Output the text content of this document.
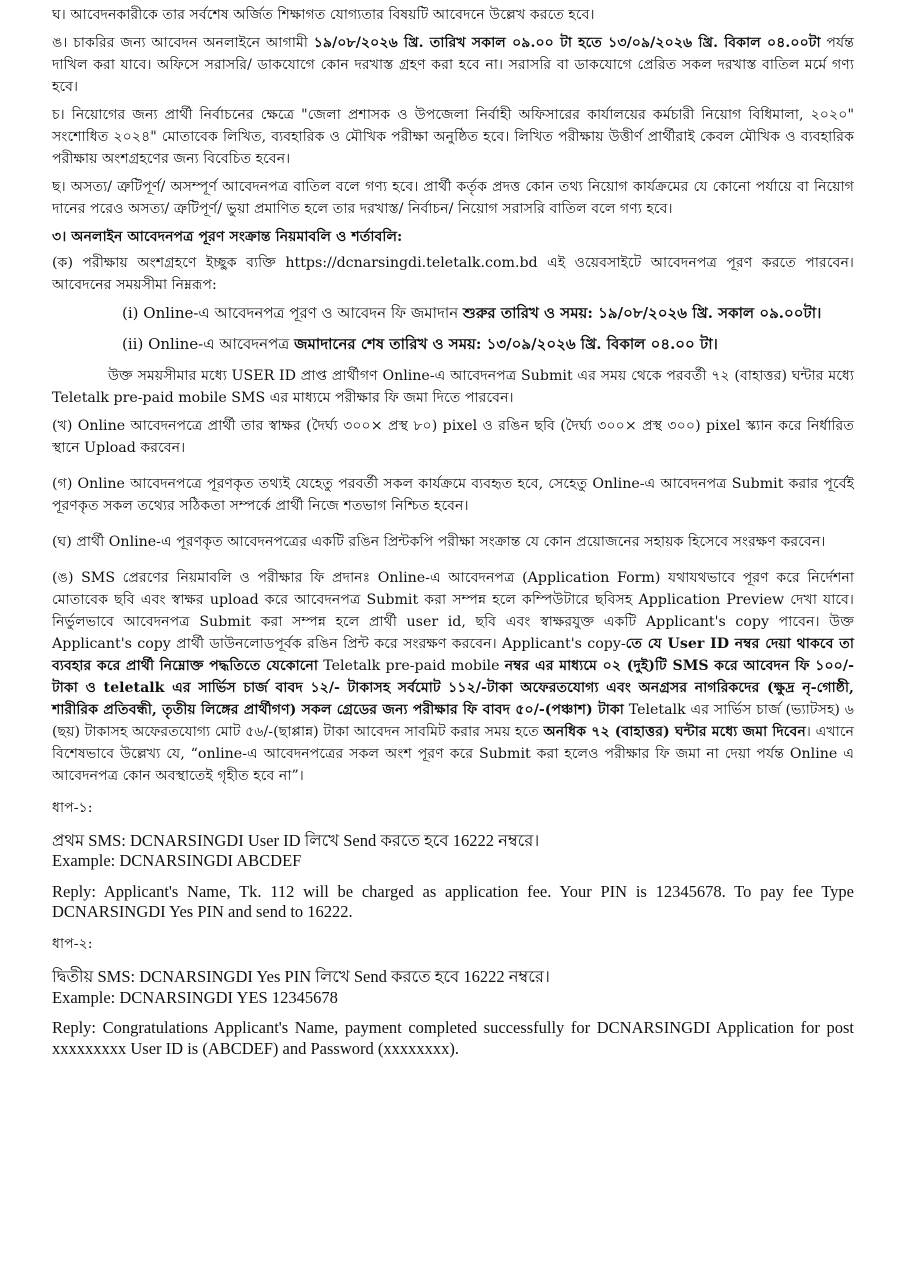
ঘ। আবেদনকারীকে তার সর্বশেষ অর্জিত শিক্ষাগত যোগ্যতার বিষয়টি আবেদনে উল্লেখ করতে হবে।

ঙ। চাকরির জন্য আবেদন অনলাইনে আগামী ১৯/০৮/২০২৬ খ্রি. তারিখ সকাল ০৯.০০ টা হতে ১৩/০৯/২০২৬ খ্রি. বিকাল ০৪.০০টা পর্যন্ত দাখিল করা যাবে। অফিসে সরাসরি/ ডাকযোগে কোন দরখাস্ত গ্রহণ করা হবে না। সরাসরি বা ডাকযোগে প্রেরিত সকল দরখাস্ত বাতিল মর্মে গণ্য হবে।

চ। নিয়োগের জন্য প্রার্থী নির্বাচনের ক্ষেত্রে "জেলা প্রশাসক ও উপজেলা নির্বাহী অফিসারের কার্যালয়ের কর্মচারী নিয়োগ বিধিমালা, ২০২০" সংশোধিত ২০২৪" মোতাবেক লিখিত, ব্যবহারিক ও মৌখিক পরীক্ষা অনুষ্ঠিত হবে। লিখিত পরীক্ষায় উত্তীর্ণ প্রার্থীরাই কেবল মৌখিক ও ব্যবহারিক পরীক্ষায় অংশগ্রহণের জন্য বিবেচিত হবেন।

ছ। অসত্য/ ত্রুটিপূর্ণ/ অসম্পূর্ণ আবেদনপত্র বাতিল বলে গণ্য হবে। প্রার্থী কর্তৃক প্রদত্ত কোন তথ্য নিয়োগ কার্যক্রমের যে কোনো পর্যায়ে বা নিয়োগ দানের পরেও অসত্য/ ত্রুটিপূর্ণ/ ভুয়া প্রমাণিত হলে তার দরখাস্ত/ নির্বাচন/ নিয়োগ সরাসরি বাতিল বলে গণ্য হবে।

৩। অনলাইন আবেদনপত্র পূরণ সংক্রান্ত নিয়মাবলি ও শর্তাবলি:

(ক) পরীক্ষায় অংশগ্রহণে ইচ্ছুক ব্যক্তি https://dcnarsingdi.teletalk.com.bd এই ওয়েবসাইটে আবেদনপত্র পূরণ করতে পারবেন। আবেদনের সময়সীমা নিম্নরূপ:

(i) Online-এ আবেদনপত্র পূরণ ও আবেদন ফি জমাদান শুরুর তারিখ ও সময়: ১৯/০৮/২০২৬ খ্রি. সকাল ০৯.০০টা।

(ii) Online-এ আবেদনপত্র জমাদানের শেষ তারিখ ও সময়: ১৩/০৯/২০২৬ খ্রি. বিকাল ০৪.০০ টা।

উক্ত সময়সীমার মধ্যে USER ID প্রাপ্ত প্রার্থীগণ Online-এ আবেদনপত্র Submit এর সময় থেকে পরবর্তী ৭২ (বাহাত্তর) ঘন্টার মধ্যে Teletalk pre-paid mobile SMS এর মাধ্যমে পরীক্ষার ফি জমা দিতে পারবেন।

(খ) Online আবেদনপত্রে প্রার্থী তার স্বাক্ষর (দৈর্ঘ্য ৩০০× প্রস্থ ৮০) pixel ও রঙিন ছবি (দৈর্ঘ্য ৩০০× প্রস্থ ৩০০) pixel স্ক্যান করে নির্ধারিত স্থানে Upload করবেন।

(গ) Online আবেদনপত্রে পূরণকৃত তথ্যই যেহেতু পরবর্তী সকল কার্যক্রমে ব্যবহৃত হবে, সেহেতু Online-এ আবেদনপত্র Submit করার পূর্বেই পূরণকৃত সকল তথ্যের সঠিকতা সম্পর্কে প্রার্থী নিজে শতভাগ নিশ্চিত হবেন।

(ঘ) প্রার্থী Online-এ পূরণকৃত আবেদনপত্রের একটি রঙিন প্রিন্টকপি পরীক্ষা সংক্রান্ত যে কোন প্রয়োজনের সহায়ক হিসেবে সংরক্ষণ করবেন।

(ঙ) SMS প্রেরণের নিয়মাবলি ও পরীক্ষার ফি প্রদানঃ Online-এ আবেদনপত্র (Application Form) যথাযথভাবে পূরণ করে নির্দেশনা মোতাবেক ছবি এবং স্বাক্ষর upload করে আবেদনপত্র Submit করা সম্পন্ন হলে কম্পিউটারে ছবিসহ Application Preview দেখা যাবে। নির্ভুলভাবে আবেদনপত্র Submit করা সম্পন্ন হলে প্রার্থী user id, ছবি এবং স্বাক্ষরযুক্ত একটি Applicant's copy পাবেন। উক্ত Applicant's copy প্রার্থী ডাউনলোডপূর্বক রঙিন প্রিন্ট করে সংরক্ষণ করবেন। Applicant's copy-তে যে User ID নম্বর দেয়া থাকবে তা ব্যবহার করে প্রার্থী নিম্নোক্ত পদ্ধতিতে যেকোনো Teletalk pre-paid mobile নম্বর এর মাধ্যমে ০২ (দুই)টি SMS করে আবেদন ফি ১০০/- টাকা ও teletalk এর সার্ভিস চার্জ বাবদ ১২/- টাকাসহ সর্বমোট ১১২/-টাকা অফেরতযোগ্য এবং অনগ্রসর নাগরিকদের (ক্ষুদ্র নৃ-গোষ্ঠী, শারীরিক প্রতিবন্ধী, তৃতীয় লিঙ্গের প্রার্থীগণ) সকল গ্রেডের জন্য পরীক্ষার ফি বাবদ ৫০/-(পঞ্চাশ) টাকা Teletalk এর সার্ভিস চার্জ (ভ্যাটসহ) ৬ (ছয়) টাকাসহ অফেরতযোগ্য মোট ৫৬/-(ছাপ্পান্ন) টাকা আবেদন সাবমিট করার সময় হতে অনধিক ৭২ (বাহাত্তর) ঘন্টার মধ্যে জমা দিবেন। এখানে বিশেষভাবে উল্লেখ্য যে, “online-এ আবেদনপত্রের সকল অংশ পূরণ করে Submit করা হলেও পরীক্ষার ফি জমা না দেয়া পর্যন্ত Online এ আবেদনপত্র কোন অবস্থাতেই গৃহীত হবে না”।

ধাপ-১:

প্রথম SMS: DCNARSINGDI User ID লিখে Send করতে হবে 16222 নম্বরে।

Example: DCNARSINGDI ABCDEF

Reply: Applicant's Name, Tk. 112 will be charged as application fee. Your PIN is 12345678. To pay fee Type DCNARSINGDI Yes PIN and send to 16222.

ধাপ-২:

দ্বিতীয় SMS: DCNARSINGDI Yes PIN লিখে Send করতে হবে 16222 নম্বরে।

Example: DCNARSINGDI YES 12345678

Reply: Congratulations Applicant's Name, payment completed successfully for DCNARSINGDI Application for post xxxxxxxxx User ID is (ABCDEF) and Password (xxxxxxxx).
